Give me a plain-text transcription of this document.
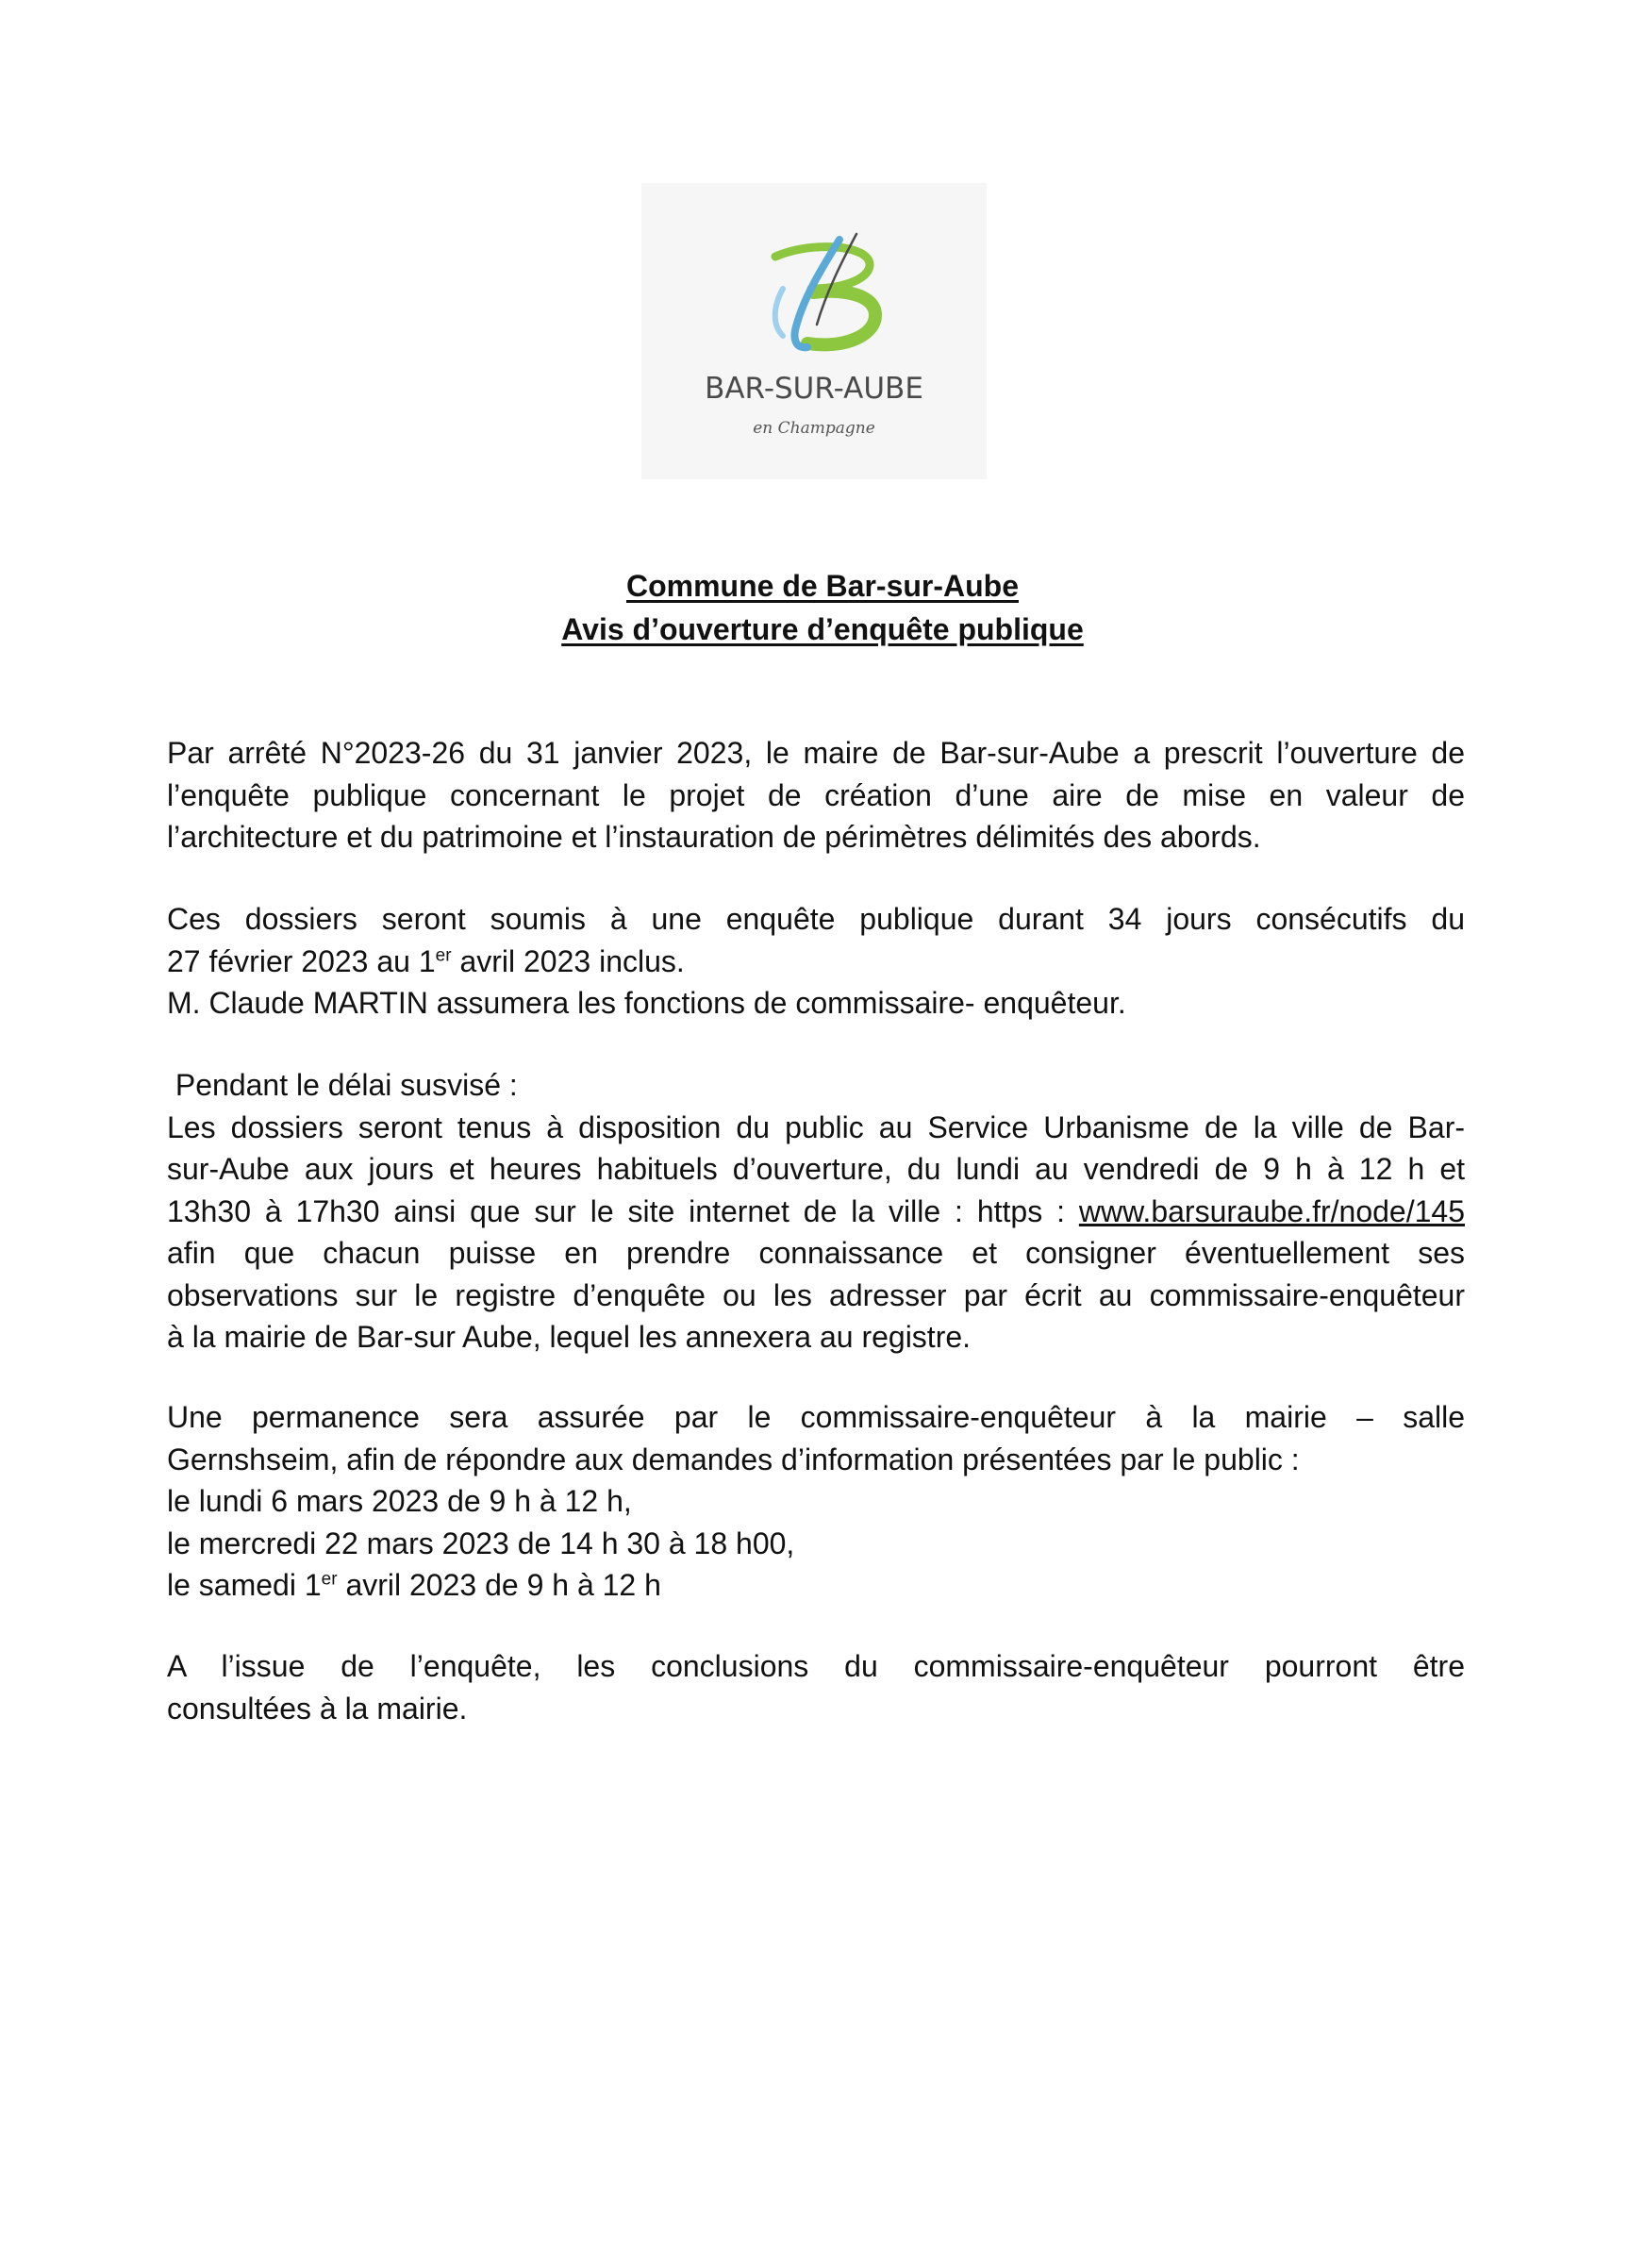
BAR-SUR-AUBE
en Champagne
Commune de Bar-sur-Aube
Avis d’ouverture d’enquête publique
Par arrêté N°2023-26 du 31 janvier 2023, le maire de Bar-sur-Aube a prescrit l’ouverture de
l’enquête publique concernant le projet de création d’une aire de mise en valeur de
l’architecture et du patrimoine et l’instauration de périmètres délimités des abords.
Ces dossiers seront soumis à une enquête publique durant 34 jours consécutifs du
27 février 2023 au 1er avril 2023 inclus.
M. Claude MARTIN assumera les fonctions de commissaire- enquêteur.
Pendant le délai susvisé :
Les dossiers seront tenus à disposition du public au Service Urbanisme de la ville de Bar-
sur-Aube aux jours et heures habituels d’ouverture, du lundi au vendredi de 9 h à 12 h et
13h30 à 17h30 ainsi que sur le site internet de la ville : https : www.barsuraube.fr/node/145
afin que chacun puisse en prendre connaissance et consigner éventuellement ses
observations sur le registre d’enquête ou les adresser par écrit au commissaire-enquêteur
à la mairie de Bar-sur Aube, lequel les annexera au registre.
Une permanence sera assurée par le commissaire-enquêteur à la mairie – salle
Gernshseim, afin de répondre aux demandes d’information présentées par le public :
le lundi 6 mars 2023 de 9 h à 12 h,
le mercredi 22 mars 2023 de 14 h 30 à 18 h00,
le samedi 1er avril 2023 de 9 h à 12 h
A l’issue de l’enquête, les conclusions du commissaire-enquêteur pourront être
consultées à la mairie.
